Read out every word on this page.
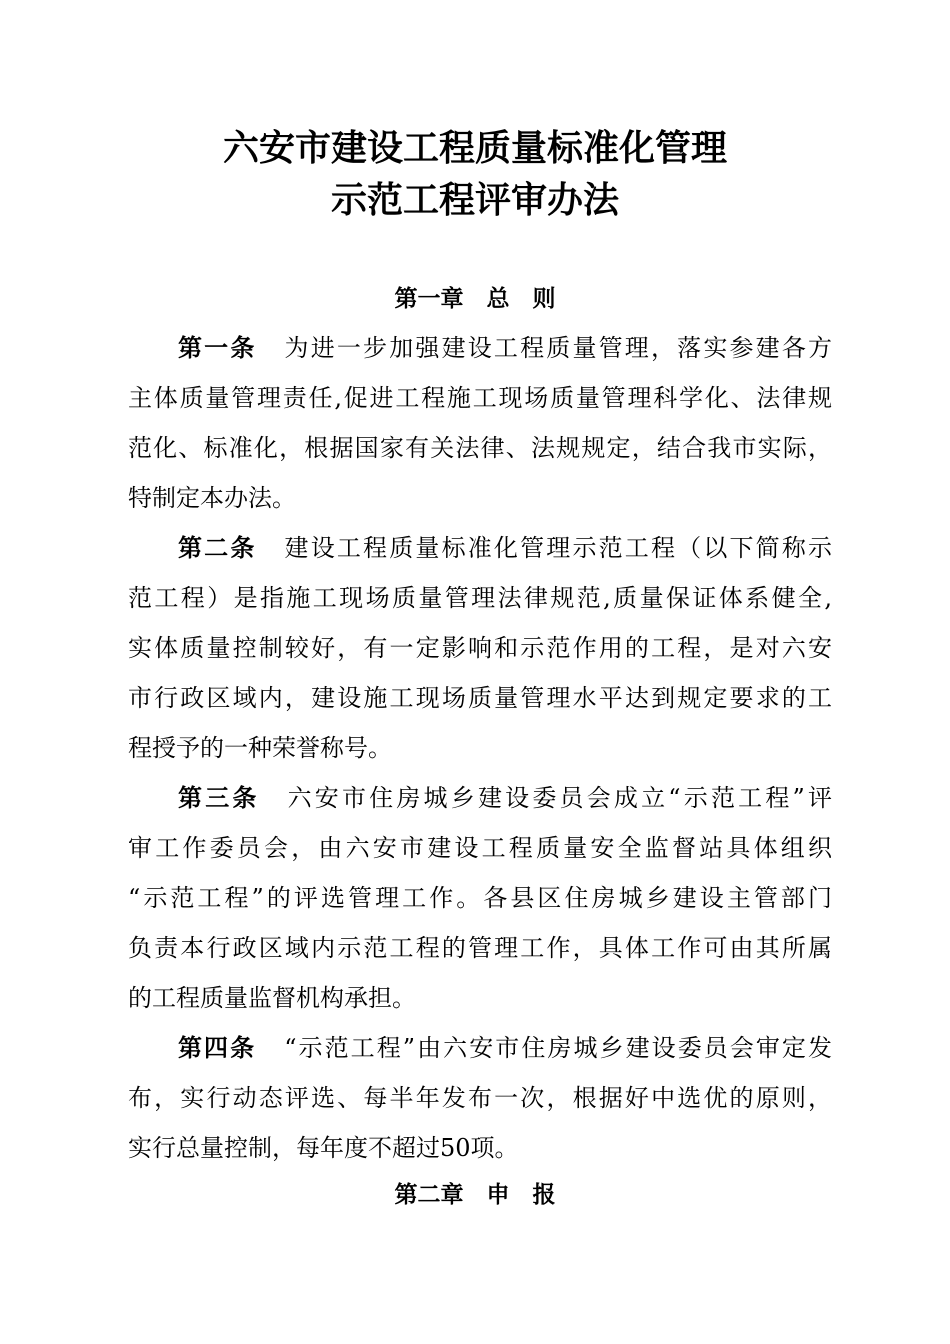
六安市建设工程质量标准化管理
示范工程评审办法
第一章　总　则
第一条 为进一步加强建设工程质量管理，落实参建各方
主体质量管理责任,促进工程施工现场质量管理科学化、法律规
范化、标准化，根据国家有关法律、法规规定，结合我市实际，
特制定本办法。
第二条 建设工程质量标准化管理示范工程（以下简称示
范工程）是指施工现场质量管理法律规范,质量保证体系健全,
实体质量控制较好，有一定影响和示范作用的工程，是对六安
市行政区域内，建设施工现场质量管理水平达到规定要求的工
程授予的一种荣誉称号。
第三条 六安市住房城乡建设委员会成立“示范工程”评
审工作委员会，由六安市建设工程质量安全监督站具体组织
“示范工程”的评选管理工作。各县区住房城乡建设主管部门
负责本行政区域内示范工程的管理工作，具体工作可由其所属
的工程质量监督机构承担。
第四条 “示范工程”由六安市住房城乡建设委员会审定发
布，实行动态评选、每半年发布一次，根据好中选优的原则，
实行总量控制，每年度不超过50项。
第二章　申　报
